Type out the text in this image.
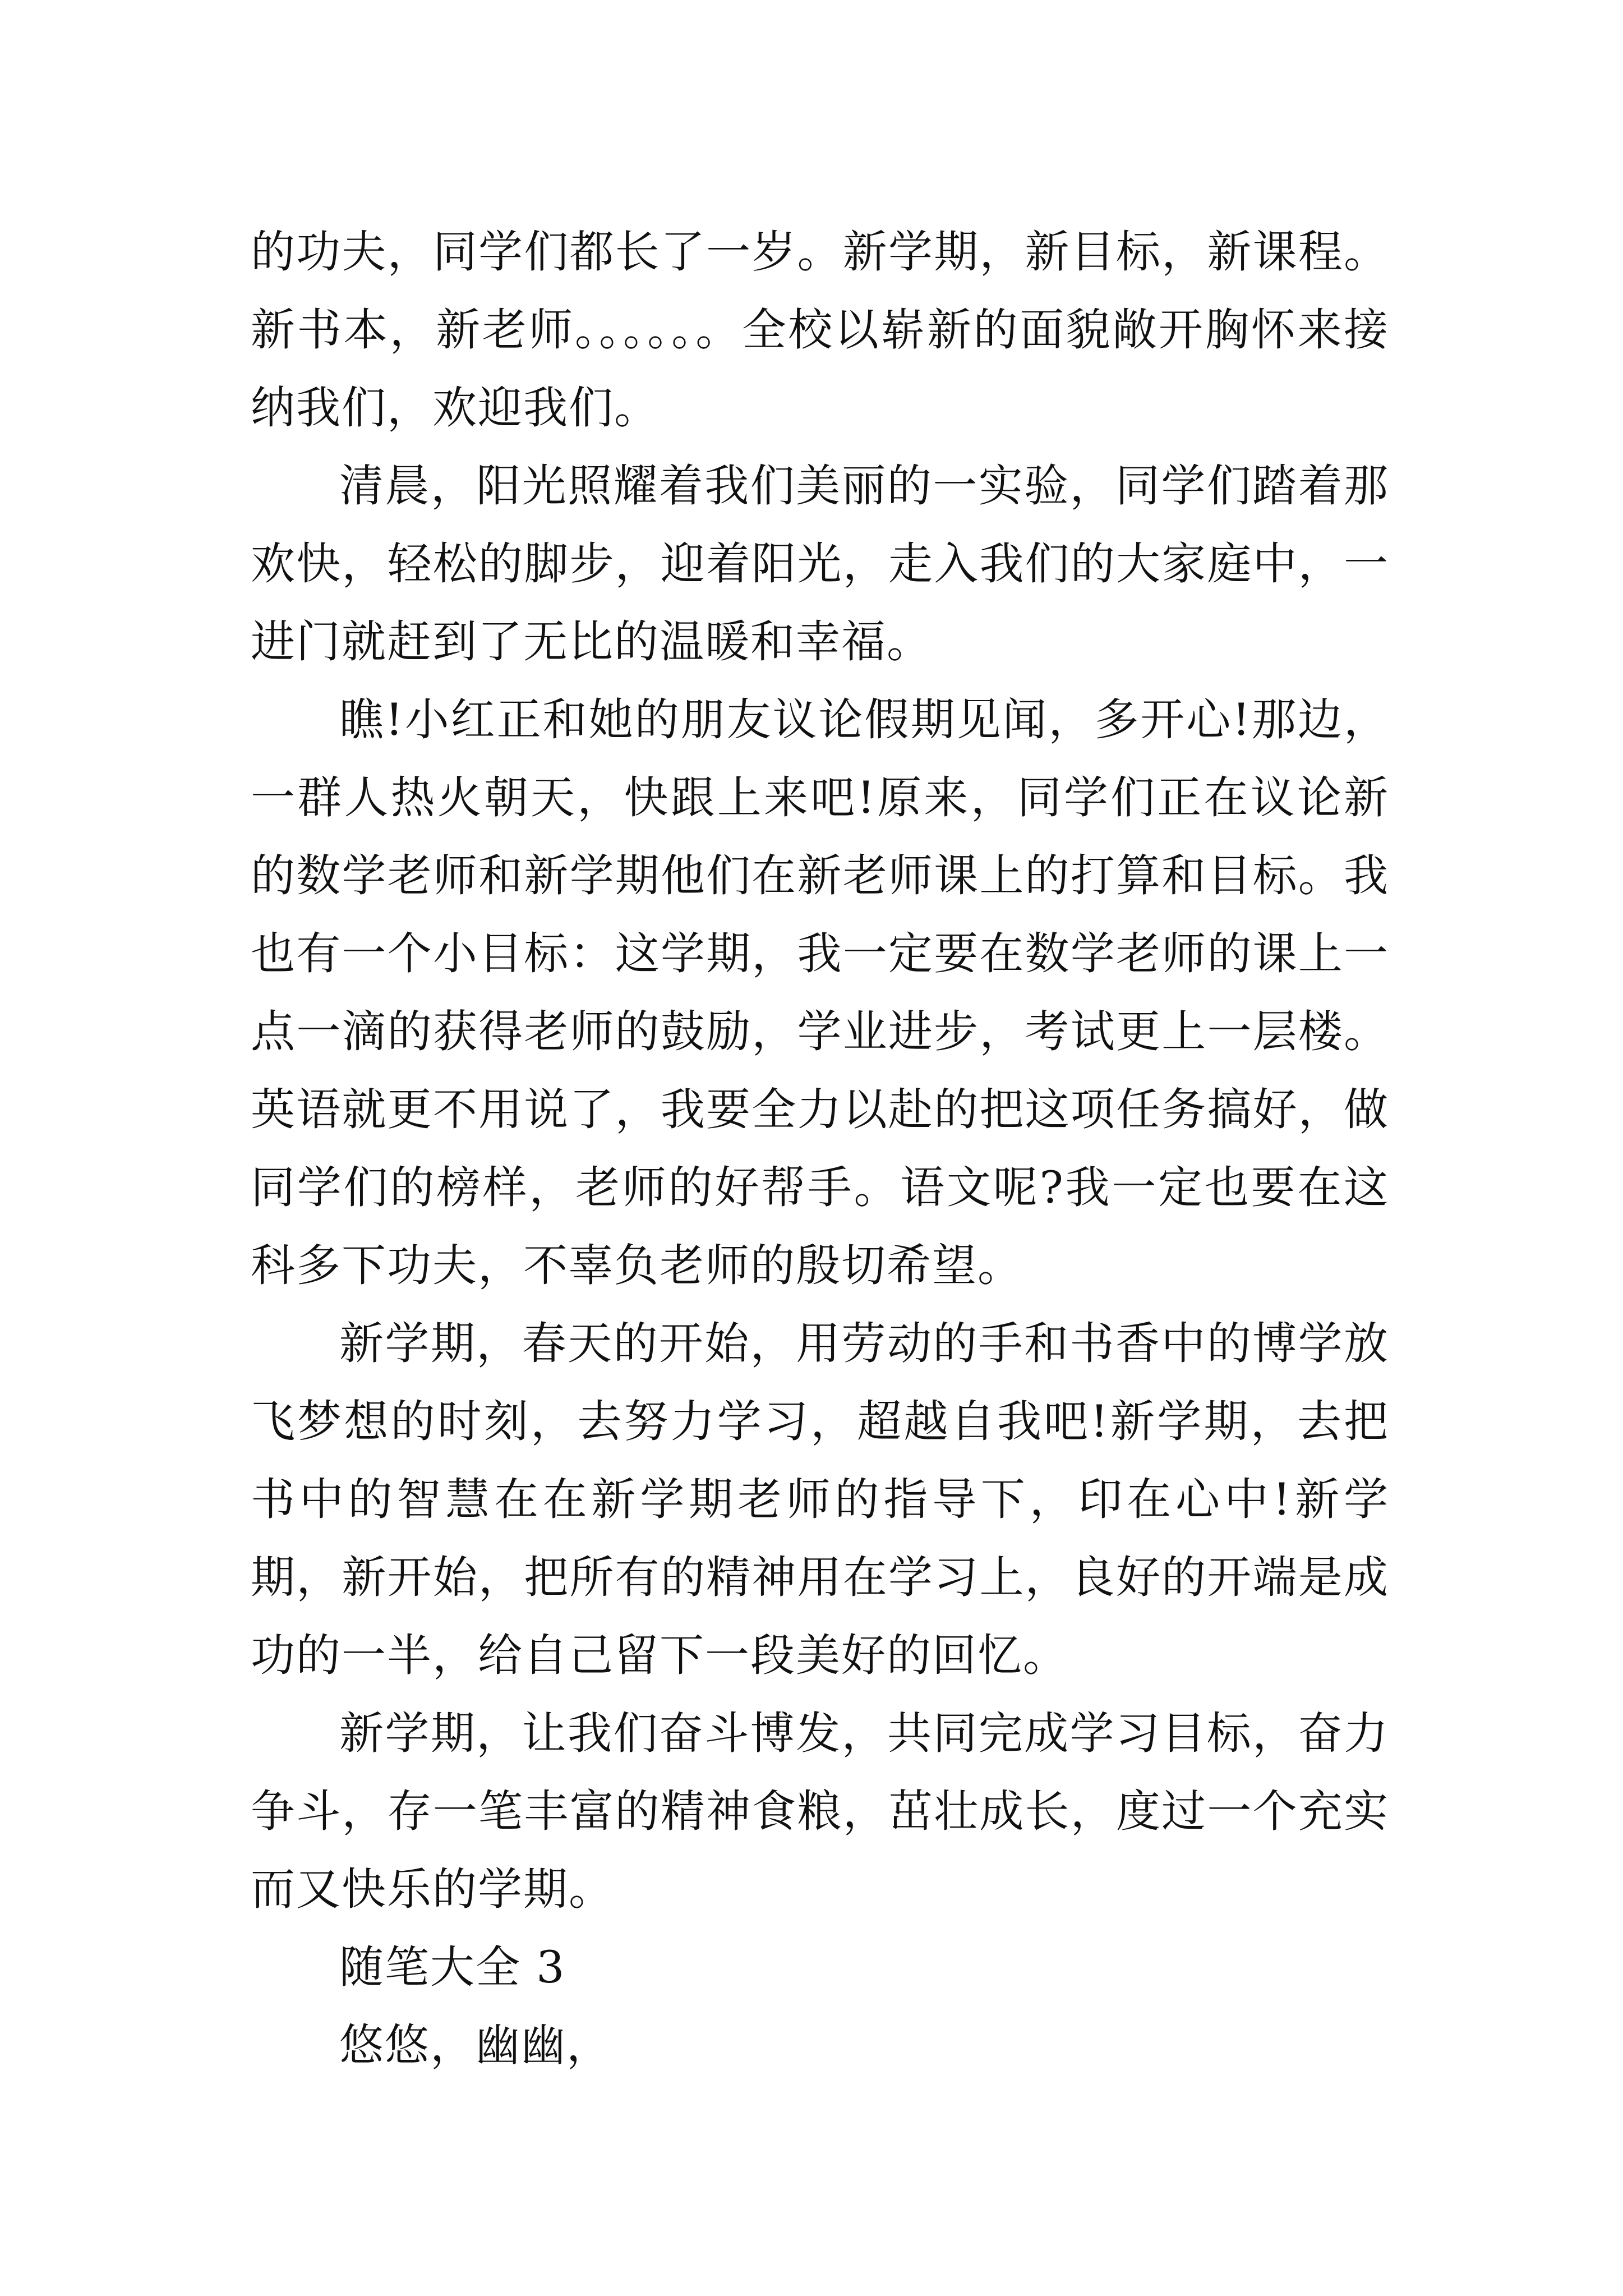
的功夫，同学们都长了一岁。新学期，新目标，新课程。新书本，新老师。。。。。。全校以崭新的面貌敞开胸怀来接纳我们，欢迎我们。

清晨，阳光照耀着我们美丽的一实验，同学们踏着那欢快，轻松的脚步，迎着阳光，走入我们的大家庭中，一进门就赶到了无比的温暖和幸福。

瞧!小红正和她的朋友议论假期见闻，多开心!那边，一群人热火朝天，快跟上来吧!原来，同学们正在议论新的数学老师和新学期他们在新老师课上的打算和目标。我也有一个小目标：这学期，我一定要在数学老师的课上一点一滴的获得老师的鼓励，学业进步，考试更上一层楼。英语就更不用说了，我要全力以赴的把这项任务搞好，做同学们的榜样，老师的好帮手。语文呢?我一定也要在这科多下功夫，不辜负老师的殷切希望。

新学期，春天的开始，用劳动的手和书香中的博学放飞梦想的时刻，去努力学习，超越自我吧!新学期，去把书中的智慧在在新学期老师的指导下，印在心中!新学期，新开始，把所有的精神用在学习上，良好的开端是成功的一半，给自己留下一段美好的回忆。

新学期，让我们奋斗博发，共同完成学习目标，奋力争斗，存一笔丰富的精神食粮，茁壮成长，度过一个充实而又快乐的学期。

随笔大全 3

悠悠，幽幽，
